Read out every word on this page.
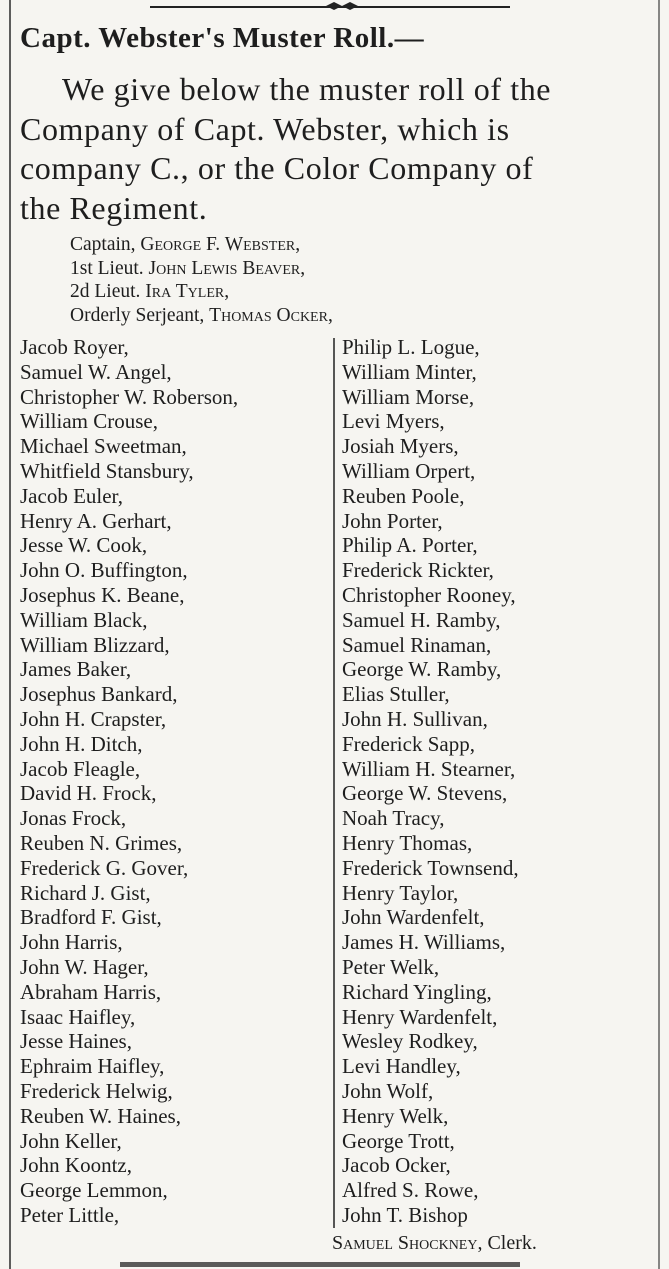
Capt. Webster's Muster Roll.—
We give below the muster roll of the
Company of Capt. Webster, which is
company C., or the Color Company of
the Regiment.
Captain, George F. Webster,
1st Lieut. John Lewis Beaver,
2d Lieut. Ira Tyler,
Orderly Serjeant, Thomas Ocker,
Jacob Royer,
Samuel W. Angel,
Christopher W. Roberson,
William Crouse,
Michael Sweetman,
Whitfield Stansbury,
Jacob Euler,
Henry A. Gerhart,
Jesse W. Cook,
John O. Buffington,
Josephus K. Beane,
William Black,
William Blizzard,
James Baker,
Josephus Bankard,
John H. Crapster,
John H. Ditch,
Jacob Fleagle,
David H. Frock,
Jonas Frock,
Reuben N. Grimes,
Frederick G. Gover,
Richard J. Gist,
Bradford F. Gist,
John Harris,
John W. Hager,
Abraham Harris,
Isaac Haifley,
Jesse Haines,
Ephraim Haifley,
Frederick Helwig,
Reuben W. Haines,
John Keller,
John Koontz,
George Lemmon,
Peter Little,
Philip L. Logue,
William Minter,
William Morse,
Levi Myers,
Josiah Myers,
William Orpert,
Reuben Poole,
John Porter,
Philip A. Porter,
Frederick Rickter,
Christopher Rooney,
Samuel H. Ramby,
Samuel Rinaman,
George W. Ramby,
Elias Stuller,
John H. Sullivan,
Frederick Sapp,
William H. Stearner,
George W. Stevens,
Noah Tracy,
Henry Thomas,
Frederick Townsend,
Henry Taylor,
John Wardenfelt,
James H. Williams,
Peter Welk,
Richard Yingling,
Henry Wardenfelt,
Wesley Rodkey,
Levi Handley,
John Wolf,
Henry Welk,
George Trott,
Jacob Ocker,
Alfred S. Rowe,
John T. Bishop
Samuel Shockney, Clerk.
